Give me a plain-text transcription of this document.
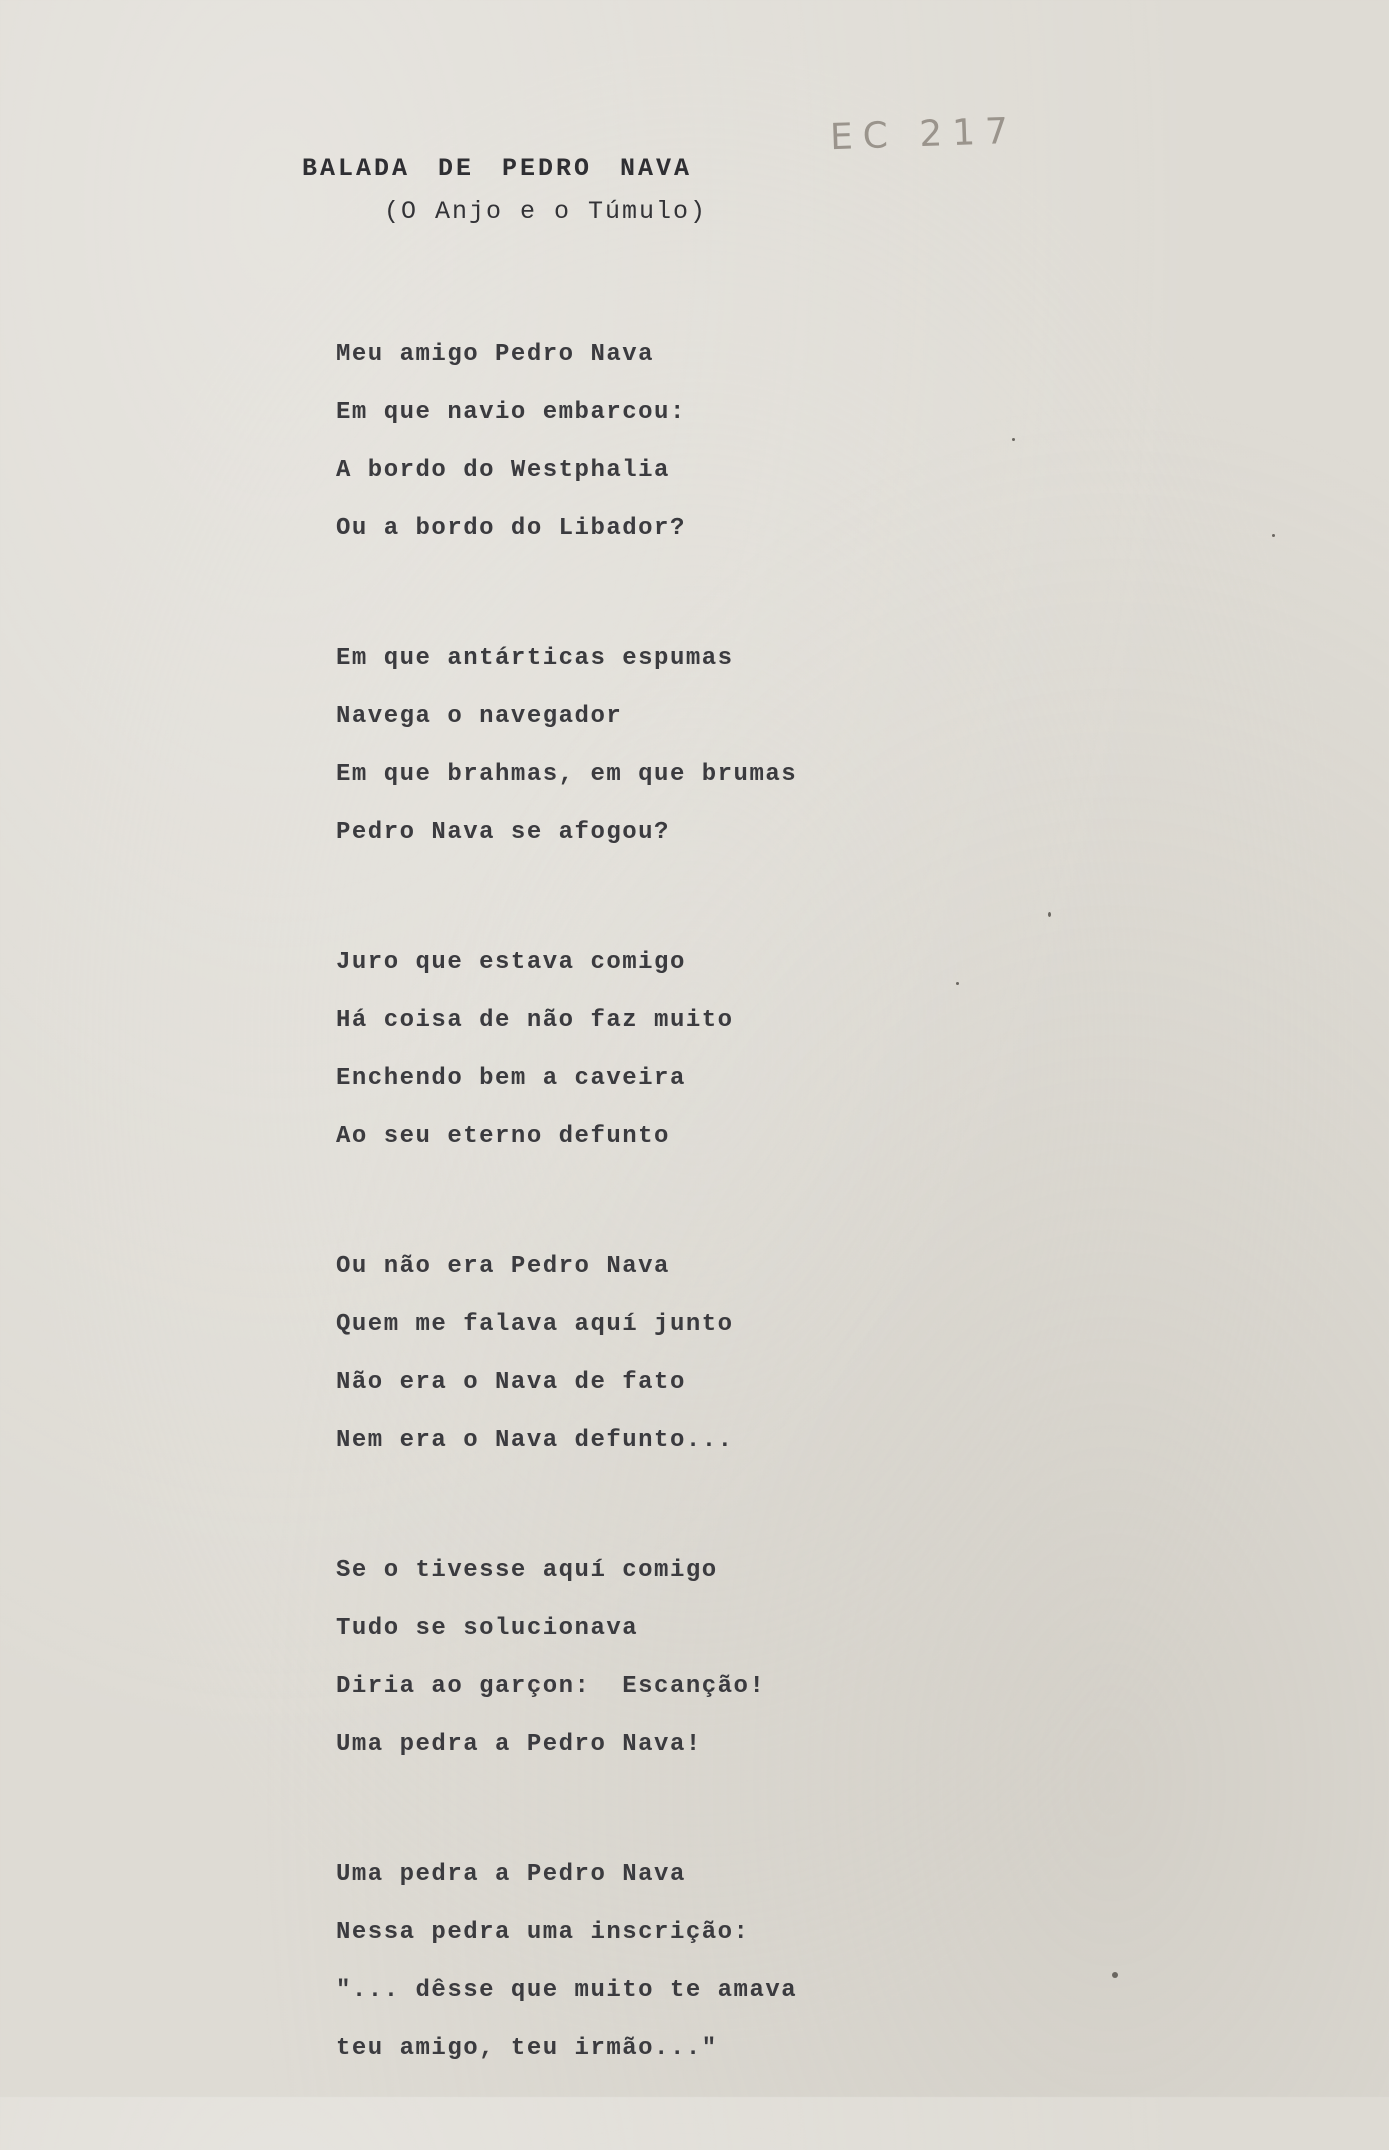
EC 217
BALADA DE PEDRO NAVA
(O Anjo e o Túmulo)
Meu amigo Pedro Nava
Em que navio embarcou:
A bordo do Westphalia
Ou a bordo do Libador?
Em que antárticas espumas
Navega o navegador
Em que brahmas, em que brumas
Pedro Nava se afogou?
Juro que estava comigo
Há coisa de não faz muito
Enchendo bem a caveira
Ao seu eterno defunto
Ou não era Pedro Nava
Quem me falava aquí junto
Não era o Nava de fato
Nem era o Nava defunto...
Se o tivesse aquí comigo
Tudo se solucionava
Diria ao garçon:  Escanção!
Uma pedra a Pedro Nava!
Uma pedra a Pedro Nava
Nessa pedra uma inscrição:
"... dêsse que muito te amava
teu amigo, teu irmão..."
